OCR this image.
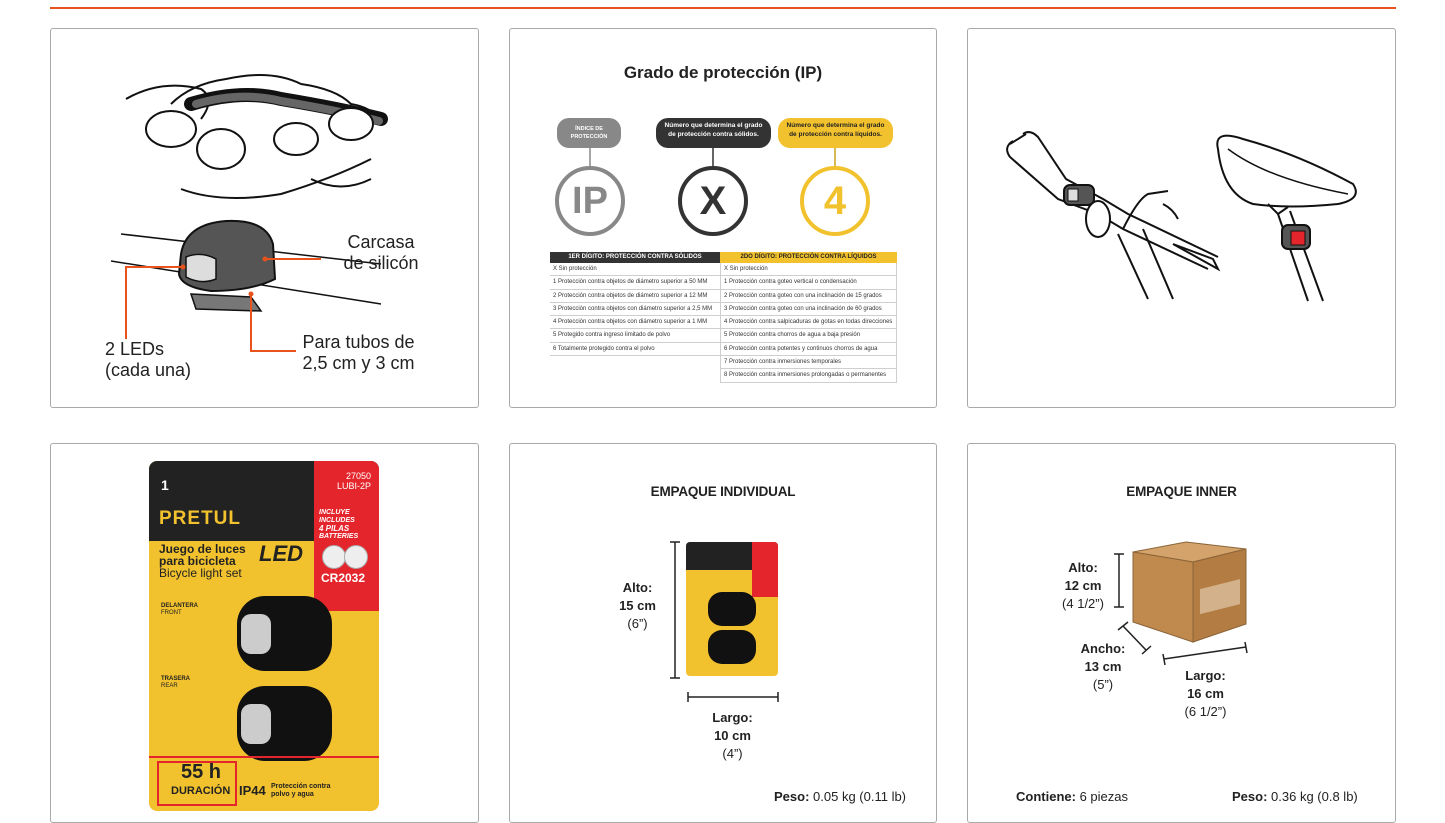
Carcasa
de silicón
2 LEDs
(cada una)
Para tubos de
2,5 cm y 3 cm
Grado de protección (IP)
ÍNDICE DE PROTECCIÓN
Número que determina el grado de protección contra sólidos.
Número que determina el grado de protección contra líquidos.
IP	X	4
1ER DÍGITO: PROTECCIÓN CONTRA SÓLIDOS
X Sin protección
1 Protección contra objetos de diámetro superior a 50 MM
2 Protección contra objetos de diámetro superior a 12 MM
3 Protección contra objetos con diámetro superior a 2,5 MM
4 Protección contra objetos con diámetro superior a 1 MM
5 Protegido contra ingreso limitado de polvo
6 Totalmente protegido contra el polvo
2DO DÍGITO: PROTECCIÓN CONTRA LÍQUIDOS
X Sin protección
1 Protección contra goteo vertical o condensación
2 Protección contra goteo con una inclinación de 15 grados
3 Protección contra goteo con una inclinación de 60 grados
4 Protección contra salpicaduras de gotas en todas direcciones
5 Protección contra chorros de agua a baja presión
6 Protección contra potentes y continuos chorros de agua
7 Protección contra inmersiones temporales
8 Protección contra inmersiones prolongadas o permanentes
1
27050
LUBI-2P
PRETUL	INCLUYE
INCLUDES
4 PILAS
BATTERIES
CR2032
Juego de luces
para bicicleta
Bicycle light set
LED
DELANTERA
FRONT
TRASERA
REAR
55 h
DURACIÓN IP44 Protección contra
polvo y agua
EMPAQUE INDIVIDUAL
Alto:
15 cm
(6”)
Largo:
10 cm
(4”)
Peso: 0.05 kg (0.11 lb)
EMPAQUE INNER
Alto:
12 cm
(4 1/2”)
Ancho:
13 cm
(5”)
Largo:
16 cm
(6 1/2”)
Contiene: 6 piezas	Peso: 0.36 kg (0.8 lb)
